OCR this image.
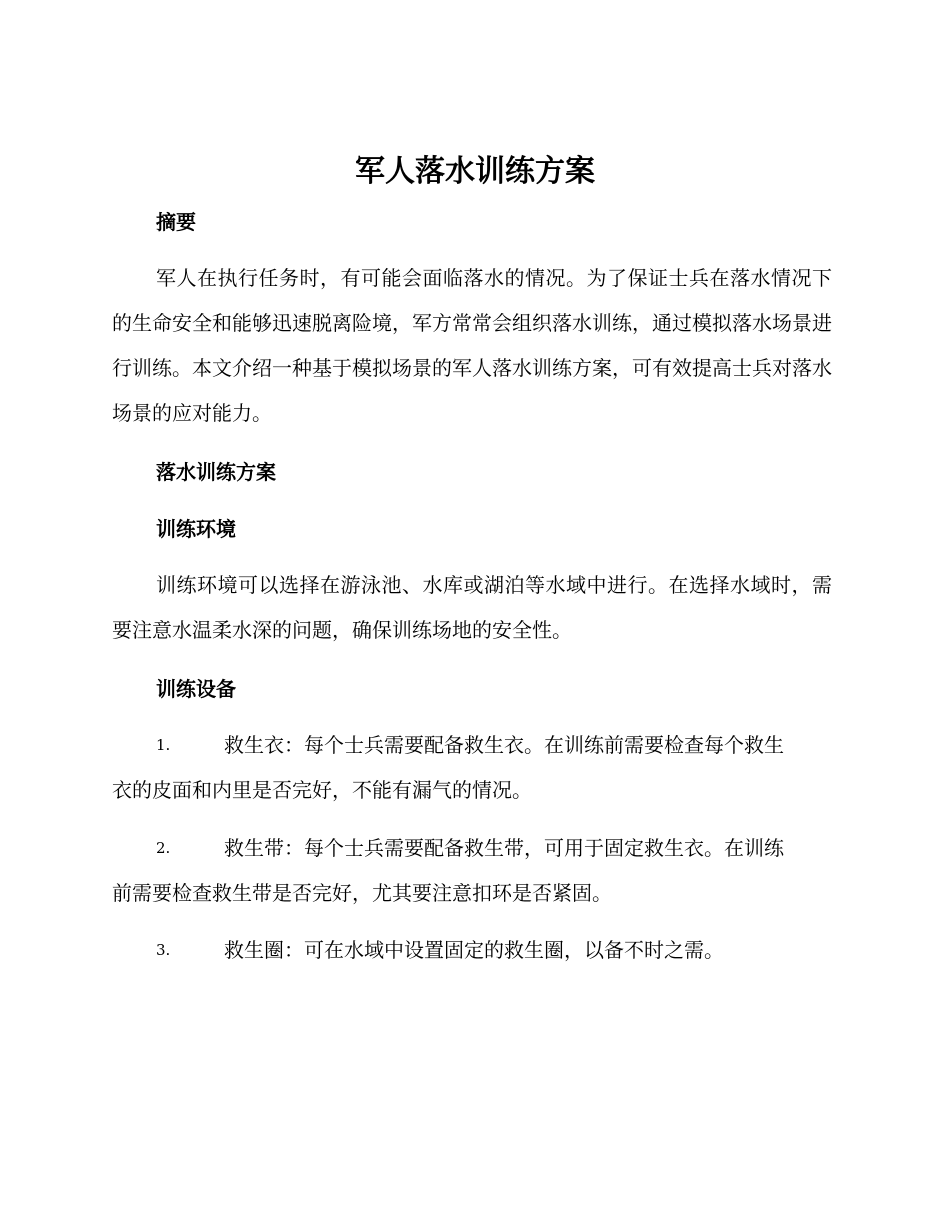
军人落水训练方案
摘要

军人在执行任务时，有可能会面临落水的情况。为了保证士兵在落水情况下的生命安全和能够迅速脱离险境，军方常常会组织落水训练，通过模拟落水场景进行训练。本文介绍一种基于模拟场景的军人落水训练方案，可有效提高士兵对落水场景的应对能力。

落水训练方案
训练环境

训练环境可以选择在游泳池、水库或湖泊等水域中进行。在选择水域时，需要注意水温柔水深的问题，确保训练场地的安全性。

训练设备
1.	救生衣：每个士兵需要配备救生衣。在训练前需要检查每个救生
衣的皮面和内里是否完好，不能有漏气的情况。
2.	救生带：每个士兵需要配备救生带，可用于固定救生衣。在训练
前需要检查救生带是否完好，尤其要注意扣环是否紧固。
3.	救生圈：可在水域中设置固定的救生圈，以备不时之需。
